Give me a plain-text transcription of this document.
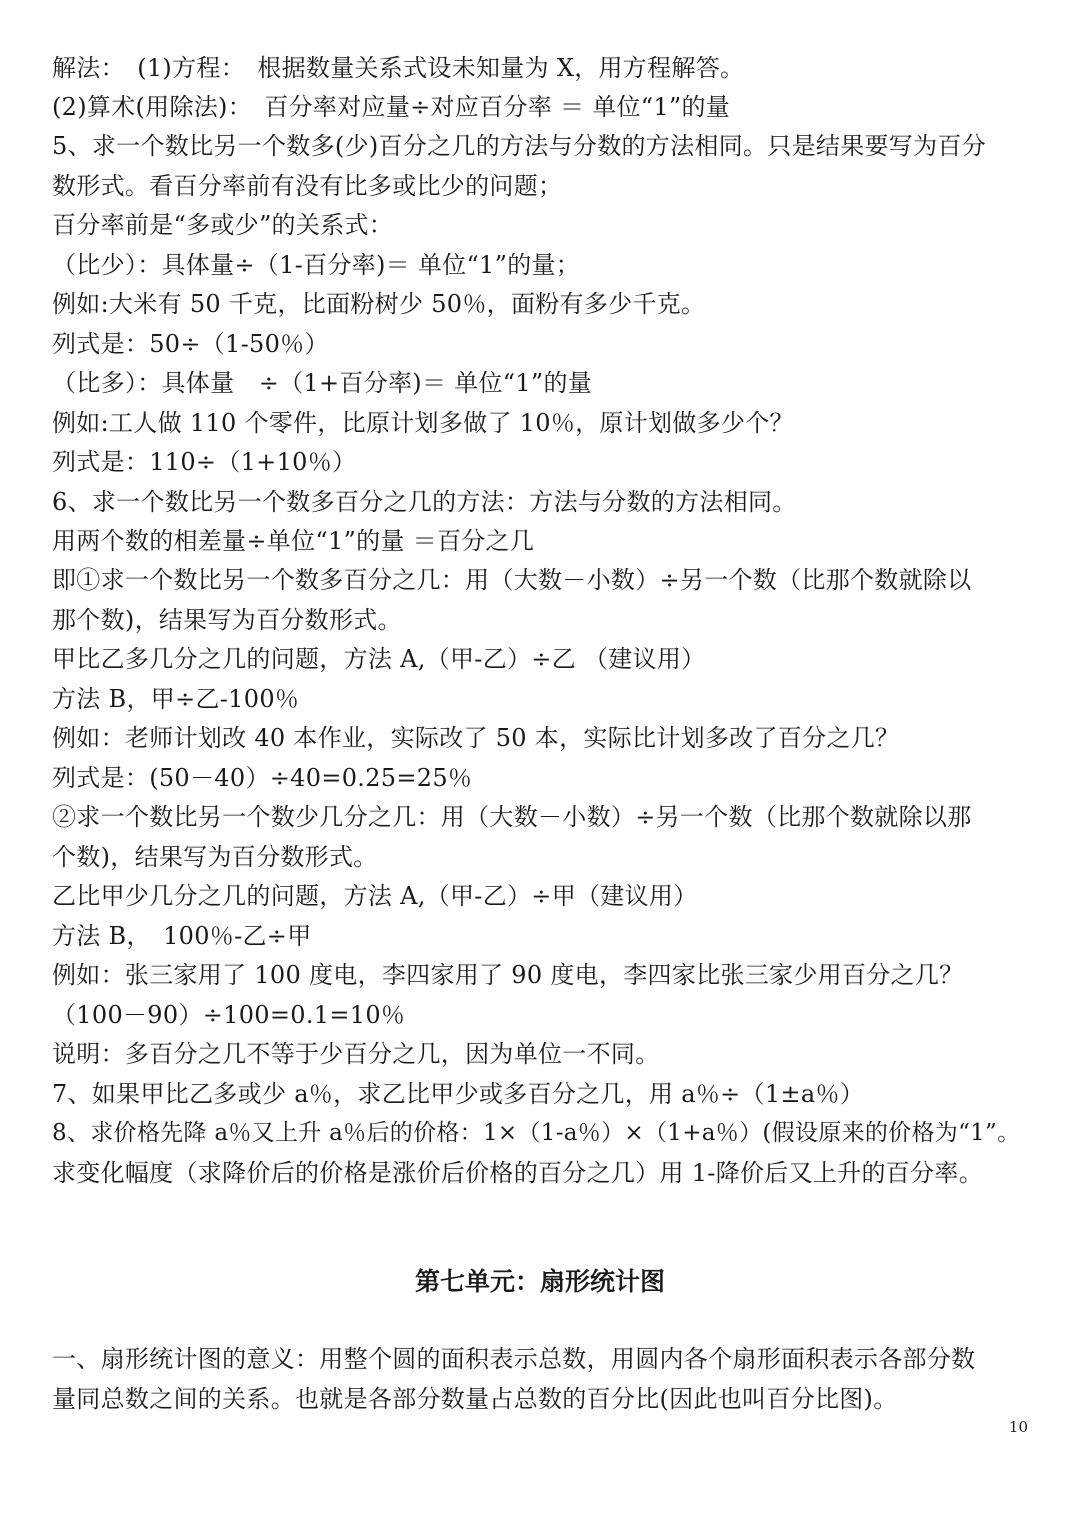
解法：　(1)方程：　根据数量关系式设未知量为 X，用方程解答。
(2)算术(用除法)：　百分率对应量÷对应百分率 ＝ 单位“1”的量
5、求一个数比另一个数多(少)百分之几的方法与分数的方法相同。只是结果要写为百分
数形式。看百分率前有没有比多或比少的问题；
百分率前是“多或少”的关系式：
（比少）：具体量÷（1-百分率)＝ 单位“1”的量；
例如:大米有 50 千克，比面粉树少 50％，面粉有多少千克。
列式是：50÷（1-50％）
（比多）：具体量　÷（1+百分率)＝ 单位“1”的量
例如:工人做 110 个零件，比原计划多做了 10％，原计划做多少个？
列式是：110÷（1+10％）
6、求一个数比另一个数多百分之几的方法：方法与分数的方法相同。
用两个数的相差量÷单位“1”的量 ＝百分之几
即①求一个数比另一个数多百分之几：用（大数－小数）÷另一个数（比那个数就除以
那个数)，结果写为百分数形式。
甲比乙多几分之几的问题，方法 A,（甲-乙）÷乙 （建议用）
方法 B，甲÷乙-100％
例如：老师计划改 40 本作业，实际改了 50 本，实际比计划多改了百分之几？
列式是：(50－40）÷40=0.25=25％
②求一个数比另一个数少几分之几：用（大数－小数）÷另一个数（比那个数就除以那
个数)，结果写为百分数形式。
乙比甲少几分之几的问题，方法 A,（甲-乙）÷甲（建议用）
方法 B，　100％-乙÷甲
例如：张三家用了 100 度电，李四家用了 90 度电，李四家比张三家少用百分之几？
（100－90）÷100=0.1=10％
说明：多百分之几不等于少百分之几，因为单位一不同。
7、如果甲比乙多或少 a％，求乙比甲少或多百分之几，用 a％÷（1±a％）
8、求价格先降 a％又上升 a％后的价格：1×（1-a％）×（1+a％）(假设原来的价格为“1”。
求变化幅度（求降价后的价格是涨价后价格的百分之几）用 1-降价后又上升的百分率。
第七单元：扇形统计图
一、扇形统计图的意义：用整个圆的面积表示总数，用圆内各个扇形面积表示各部分数
量同总数之间的关系。也就是各部分数量占总数的百分比(因此也叫百分比图)。
10
